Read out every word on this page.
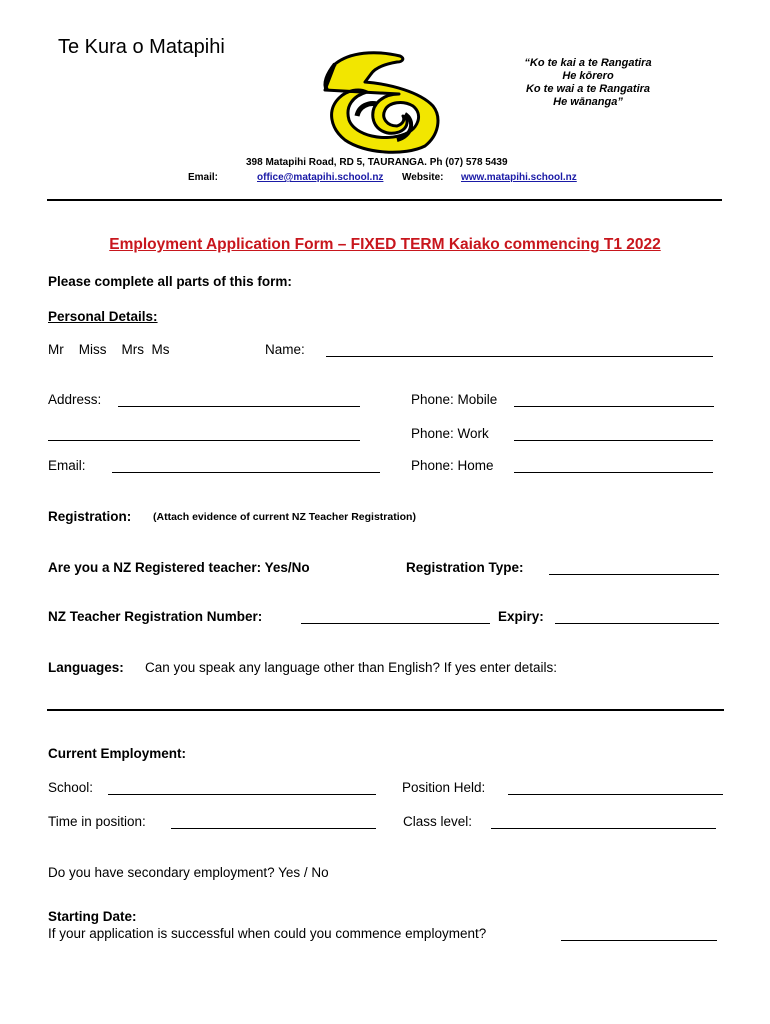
Te Kura o Matapihi
“Ko te kai a te Rangatira
He kōrero
Ko te wai a te Rangatira
He wānanga”
398 Matapihi Road, RD 5, TAURANGA. Ph (07) 578 5439
Email:	office@matapihi.school.nz Website: www.matapihi.school.nz
Employment Application Form – FIXED TERM Kaiako commencing T1 2022
Please complete all parts of this form:
Personal Details:
Mr    Miss    Mrs  Ms	Name:
Address:	Phone: Mobile
Phone: Work
Email:	Phone: Home
Registration: (Attach evidence of current NZ Teacher Registration)
Are you a NZ Registered teacher: Yes/No	Registration Type:
NZ Teacher Registration Number:	Expiry:
Languages: Can you speak any language other than English? If yes enter details:
Current Employment:
School:	Position Held:
Time in position:	Class level:
Do you have secondary employment? Yes / No
Starting Date:
If your application is successful when could you commence employment?
